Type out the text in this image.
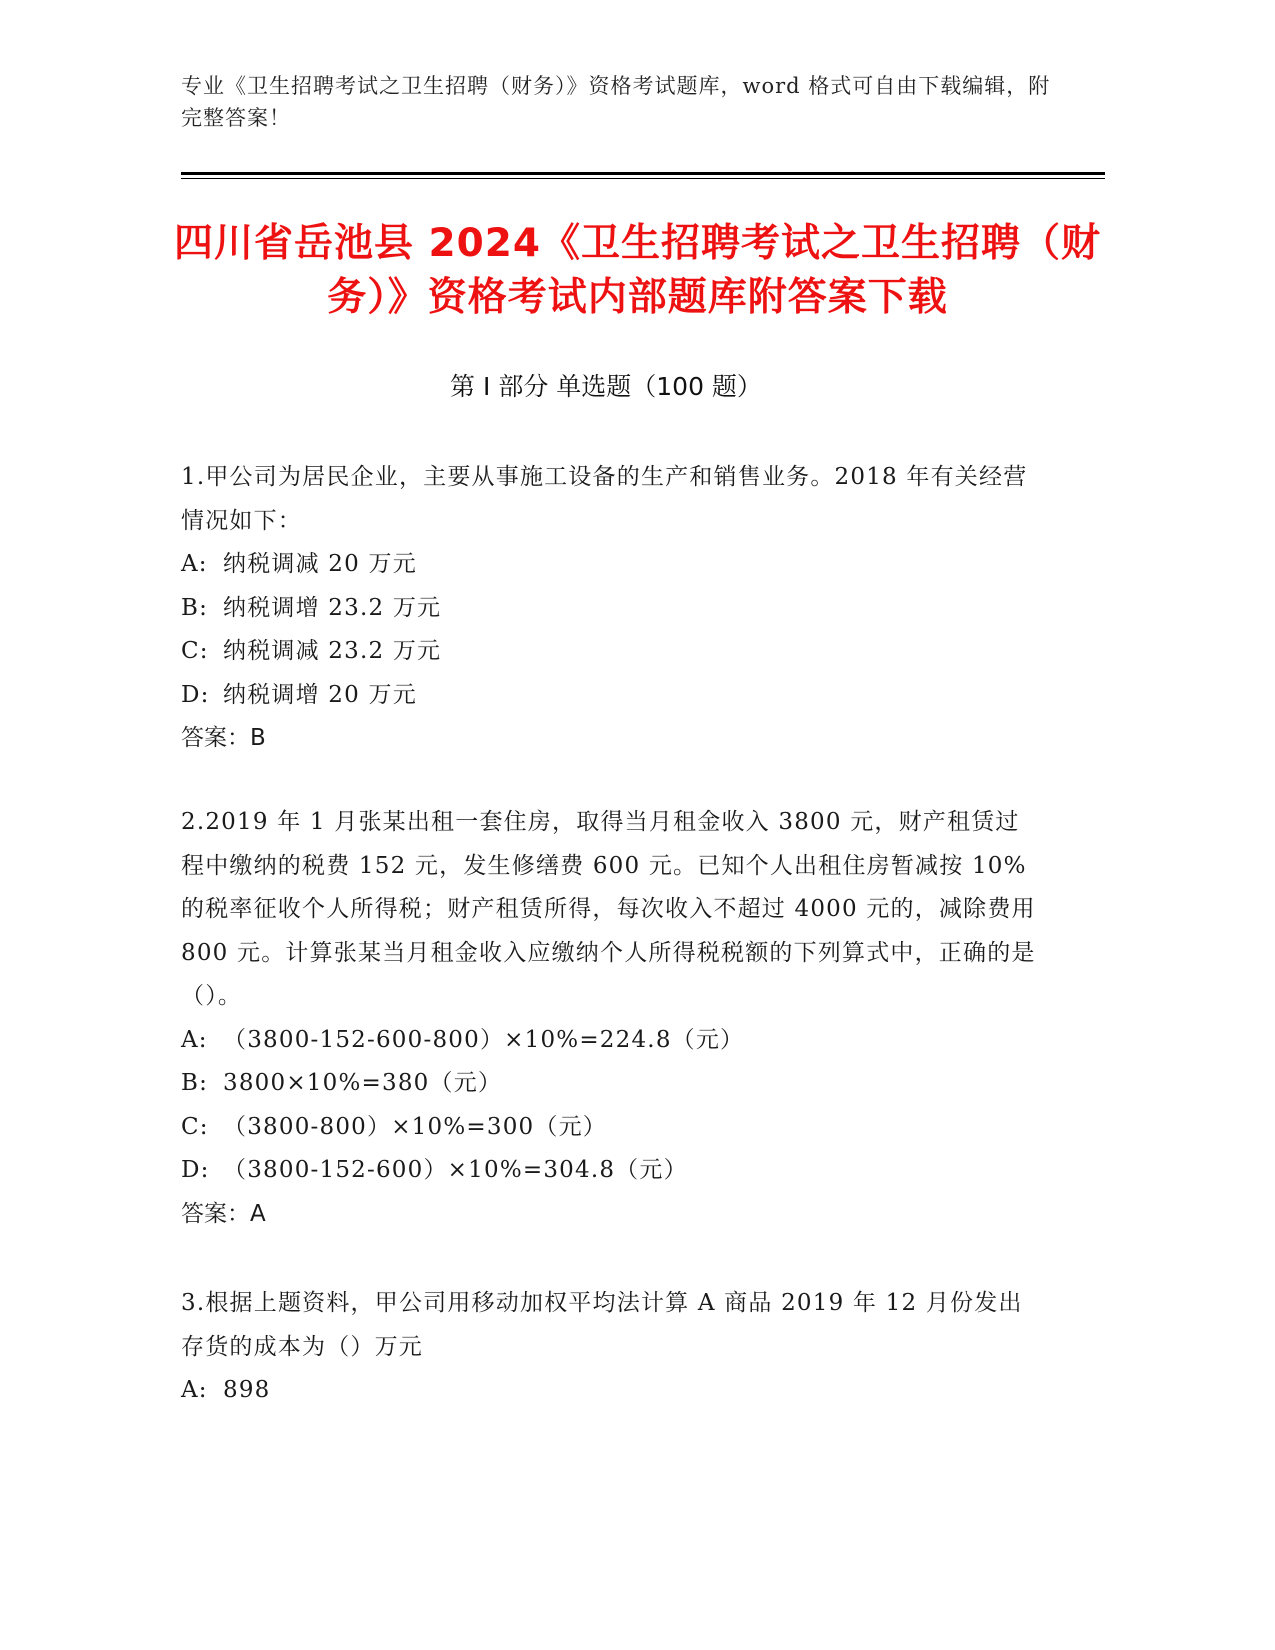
专业《卫生招聘考试之卫生招聘（财务）》资格考试题库，word 格式可自由下载编辑，附完整答案！
四川省岳池县 2024《卫生招聘考试之卫生招聘（财务）》资格考试内部题库附答案下载
第 I 部分 单选题（100 题）

1.甲公司为居民企业，主要从事施工设备的生产和销售业务。2018 年有关经营情况如下：

A: 纳税调减 20 万元

B: 纳税调增 23.2 万元

C: 纳税调减 23.2 万元

D: 纳税调增 20 万元

答案：B

2.2019 年 1 月张某出租一套住房，取得当月租金收入 3800 元，财产租赁过程中缴纳的税费 152 元，发生修缮费 600 元。已知个人出租住房暂减按 10%的税率征收个人所得税；财产租赁所得，每次收入不超过 4000 元的，减除费用 800 元。计算张某当月租金收入应缴纳个人所得税税额的下列算式中，正确的是（）。

A: （3800-152-600-800）×10%=224.8（元）

B: 3800×10%=380（元）

C: （3800-800）×10%=300（元）

D: （3800-152-600）×10%=304.8（元）

答案：A

3.根据上题资料，甲公司用移动加权平均法计算 A 商品 2019 年 12 月份发出存货的成本为（）万元

A: 898
